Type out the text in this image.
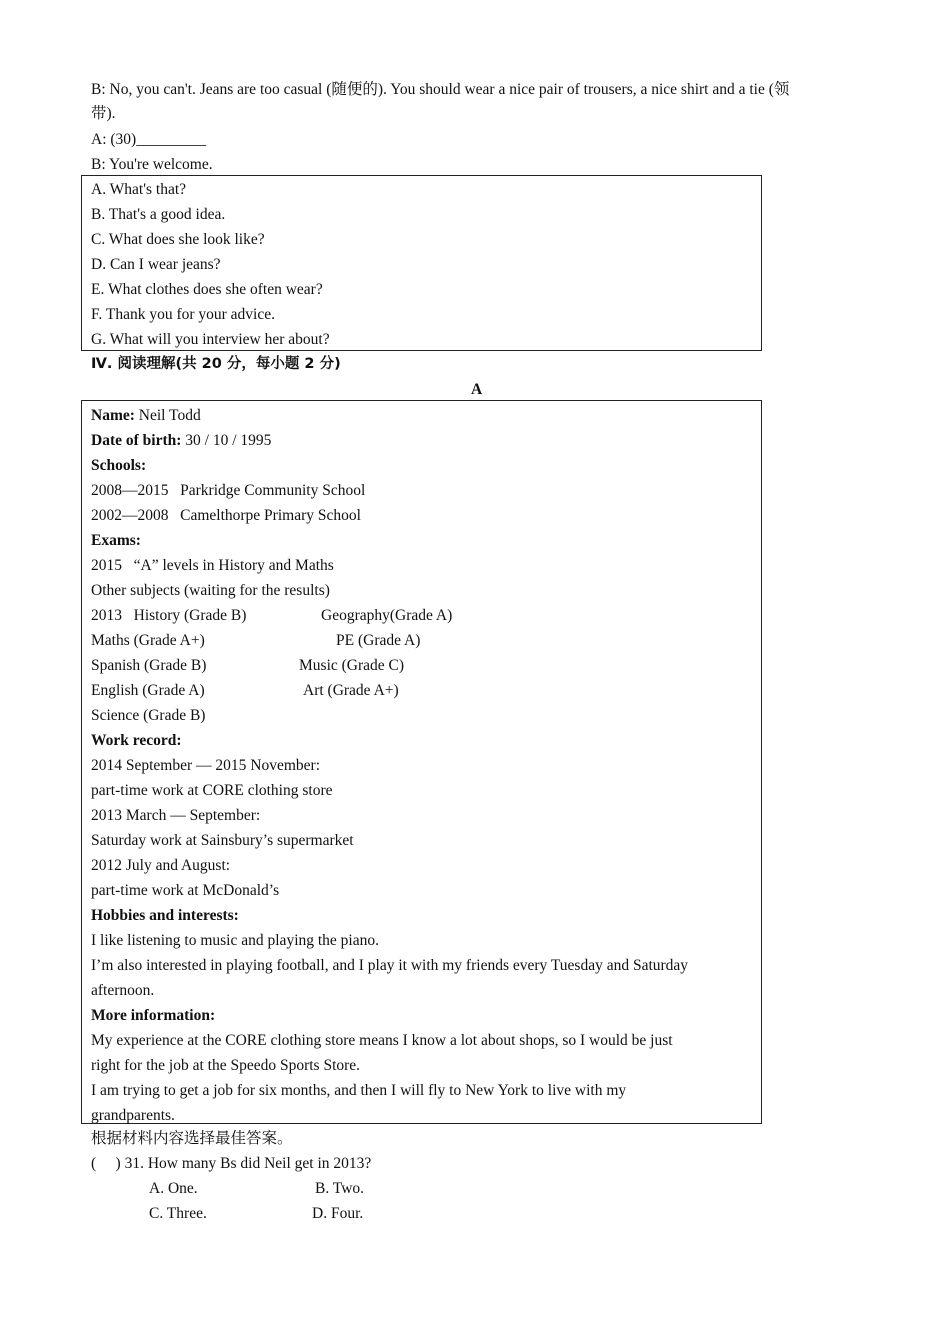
B: No, you can't. Jeans are too casual (随便的). You should wear a nice pair of trousers, a nice shirt and a tie (领
带).
A: (30)_________
B: You're welcome.
A. What's that?
B. That's a good idea.
C. What does she look like?
D. Can I wear jeans?
E. What clothes does she often wear?
F. Thank you for your advice.
G. What will you interview her about?
Ⅳ. 阅读理解(共 20 分，每小题 2 分)
A
Name: Neil Todd
Date of birth: 30 / 10 / 1995
Schools:
2008—2015   Parkridge Community School
2002—2008   Camelthorpe Primary School
Exams:
2015   “A” levels in History and Maths
Other subjects (waiting for the results)
2013   History (Grade B)	Geography(Grade A)
Maths (Grade A+)	PE (Grade A)
Spanish (Grade B)	Music (Grade C)
English (Grade A)	Art (Grade A+)
Science (Grade B)
Work record:
2014 September — 2015 November:
part-time work at CORE clothing store
2013 March — September:
Saturday work at Sainsbury’s supermarket
2012 July and August:
part-time work at McDonald’s
Hobbies and interests:
I like listening to music and playing the piano.
I’m also interested in playing football, and I play it with my friends every Tuesday and Saturday
afternoon.
More information:
My experience at the CORE clothing store means I know a lot about shops, so I would be just
right for the job at the Speedo Sports Store.
I am trying to get a job for six months, and then I will fly to New York to live with my
grandparents.
根据材料内容选择最佳答案。
(     ) 31. How many Bs did Neil get in 2013?
A. One.	B. Two.
C. Three.	D. Four.
